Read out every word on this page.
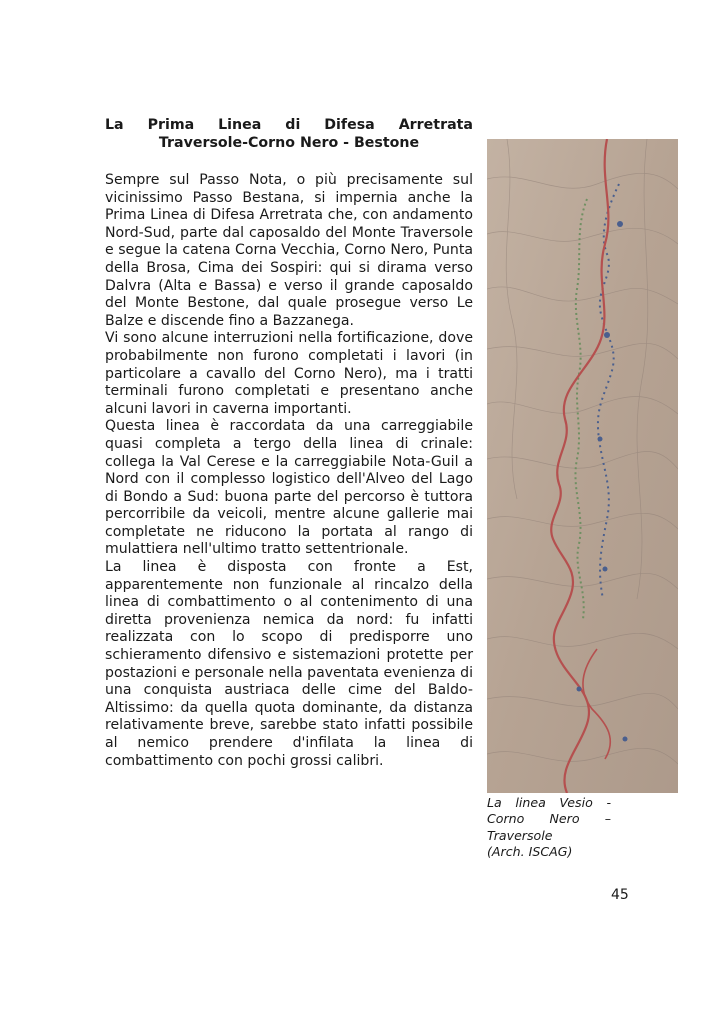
La Prima Linea di Difesa Arretrata
Traversole-Corno Nero - Bestone

Sempre sul Passo Nota, o più precisamente sul vicinissimo Passo Bestana, si impernia anche la Prima Linea di Difesa Arretrata che, con andamento Nord-Sud, parte dal caposaldo del Monte Traversole e segue la catena Corna Vecchia, Corno Nero, Punta della Brosa, Cima dei Sospiri: qui si dirama verso Dalvra (Alta e Bassa) e verso il grande caposaldo del Monte Bestone, dal quale prosegue verso Le Balze e discende fino a Bazzanega.

Vi sono alcune interruzioni nella fortificazione, dove probabilmente non furono completati i lavori (in particolare a cavallo del Corno Nero), ma i tratti terminali furono completati e presentano anche alcuni lavori in caverna importanti.

Questa linea è raccordata da una carreggiabile quasi completa a tergo della linea di crinale: collega la Val Cerese e la carreggiabile Nota-Guil a Nord con il complesso logistico dell'Alveo del Lago di Bondo a Sud: buona parte del percorso è tuttora percorribile da veicoli, mentre alcune gallerie mai completate ne riducono la portata al rango di mulattiera nell'ultimo tratto settentrionale.

La linea è disposta con fronte a Est, apparentemente non funzionale al rincalzo della linea di combattimento o al contenimento di una diretta provenienza nemica da nord: fu infatti realizzata con lo scopo di predisporre uno schieramento difensivo e sistemazioni protette per postazioni e personale nella paventata evenienza di una conquista austriaca delle cime del Baldo-Altissimo: da quella quota dominante, da distanza relativamente breve, sarebbe stato infatti possibile al nemico prendere d'infilata la linea di combattimento con pochi grossi calibri.

La linea Vesio -
Corno Nero –
Traversole
(Arch. ISCAG)
45
